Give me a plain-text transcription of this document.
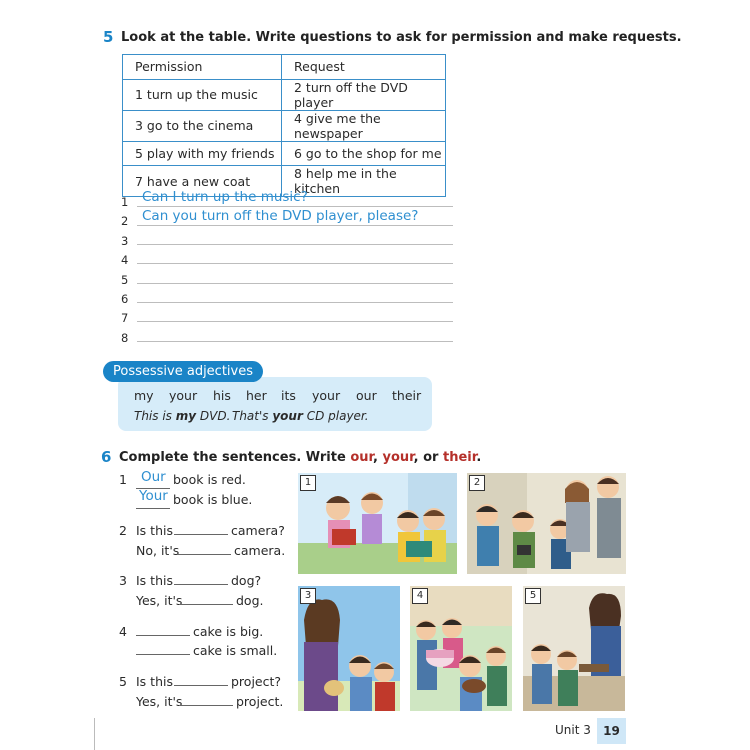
5 Look at the table. Write questions to ask for permission and make requests.
Permission	Request
1 turn up the music	2 turn off the DVD player
3 go to the cinema	4 give me the newspaper
5 play with my friends	6 go to the shop for me
7 have a new coat	8 help me in the kitchen
1 Can I turn up the music?
2 Can you turn off the DVD player, please?
3
4
5
6
7
8
Possessive adjectives
my your his her its your our their
This is my DVD. That's your CD player.
6 Complete the sentences. Write our, your, or their.
1 Our book is red.
Your book is blue.
2 Is this	camera?
No, it's	camera.
3 Is this	dog?
Yes, it's	dog.
4	cake is big.
cake is small.
5 Is this	project?
Yes, it's	project.
1	2
3	4	5
Unit 3	19
